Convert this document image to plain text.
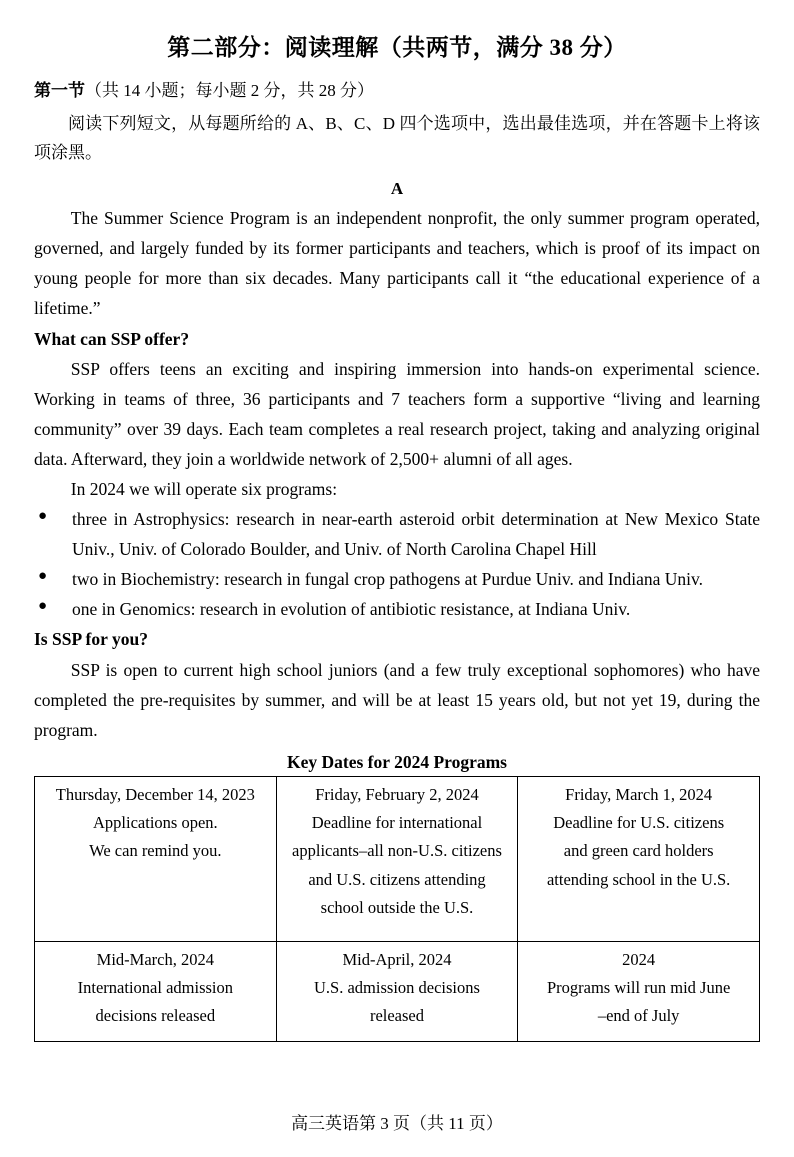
第二部分：阅读理解（共两节，满分 38 分）
第一节（共 14 小题；每小题 2 分，共 28 分）

阅读下列短文，从每题所给的 A、B、C、D 四个选项中，选出最佳选项，并在答题卡上将该项涂黑。

A

The Summer Science Program is an independent nonprofit, the only summer program operated, governed, and largely funded by its former participants and teachers, which is proof of its impact on young people for more than six decades. Many participants call it “the educational experience of a lifetime.”

What can SSP offer?

SSP offers teens an exciting and inspiring immersion into hands-on experimental science. Working in teams of three, 36 participants and 7 teachers form a supportive “living and learning community” over 39 days. Each team completes a real research project, taking and analyzing original data. Afterward, they join a worldwide network of 2,500+ alumni of all ages.

In 2024 we will operate six programs:

● three in Astrophysics: research in near-earth asteroid orbit determination at New Mexico State Univ., Univ. of Colorado Boulder, and Univ. of North Carolina Chapel Hill
● two in Biochemistry: research in fungal crop pathogens at Purdue Univ. and Indiana Univ.
● one in Genomics: research in evolution of antibiotic resistance, at Indiana Univ.
Is SSP for you?

SSP is open to current high school juniors (and a few truly exceptional sophomores) who have completed the pre-requisites by summer, and will be at least 15 years old, but not yet 19, during the program.

Key Dates for 2024 Programs
Thursday, December 14, 2023
Applications open.
We can remind you.	Friday, February 2, 2024
Deadline for international
applicants–all non-U.S. citizens
and U.S. citizens attending
school outside the U.S.	Friday, March 1, 2024
Deadline for U.S. citizens
and green card holders
attending school in the U.S.

Mid-March, 2024
International admission
decisions released	Mid-April, 2024
U.S. admission decisions
released	2024
Programs will run mid June
–end of July
高三英语第 3 页（共 11 页）
